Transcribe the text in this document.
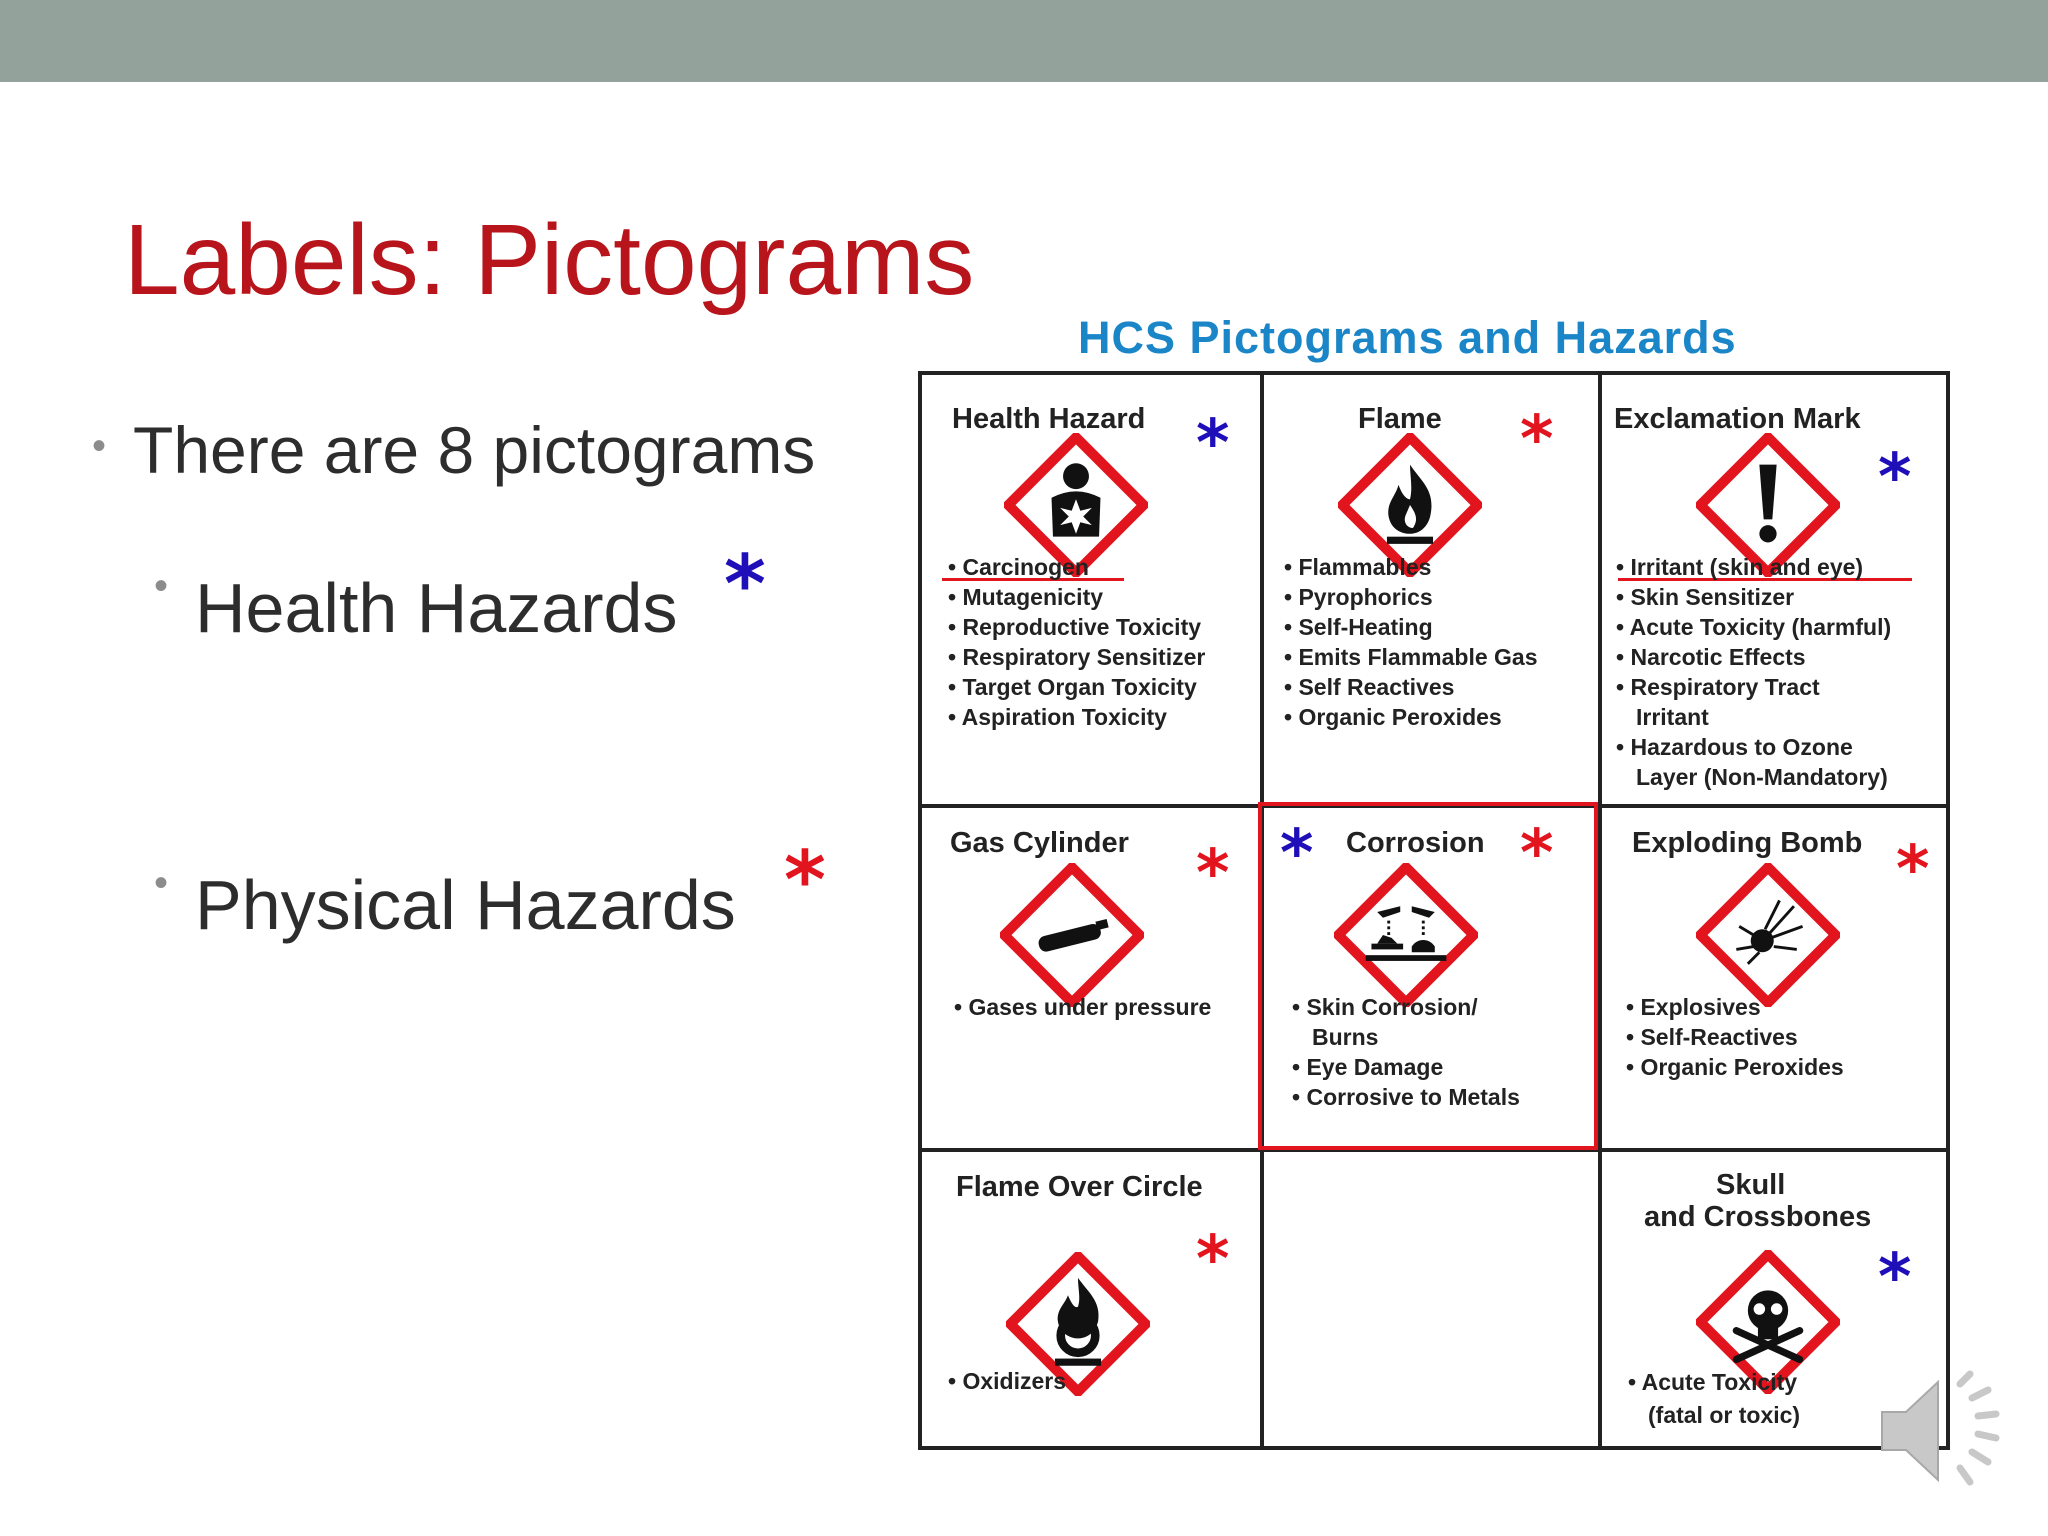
Labels: Pictograms
• There are 8 pictograms
• Health Hazards *
• Physical Hazards *
HCS Pictograms and Hazards
Health Hazard *
• Carcinogen
• Mutagenicity
• Reproductive Toxicity
• Respiratory Sensitizer
• Target Organ Toxicity
• Aspiration Toxicity
Flame *
• Flammables
• Pyrophorics
• Self-Heating
• Emits Flammable Gas
• Self Reactives
• Organic Peroxides
Exclamation Mark
*
• Irritant (skin and eye)
• Skin Sensitizer
• Acute Toxicity (harmful)
• Narcotic Effects
• Respiratory Tract
Irritant
• Hazardous to Ozone
Layer (Non-Mandatory)
Gas Cylinder *
• Gases under pressure
* Corrosion *
• Skin Corrosion/
Burns
• Eye Damage
• Corrosive to Metals
Exploding Bomb *
• Explosives
• Self-Reactives
• Organic Peroxides
Flame Over Circle
*
• Oxidizers
Skull
and Crossbones
*
• Acute Toxicity
(fatal or toxic)
